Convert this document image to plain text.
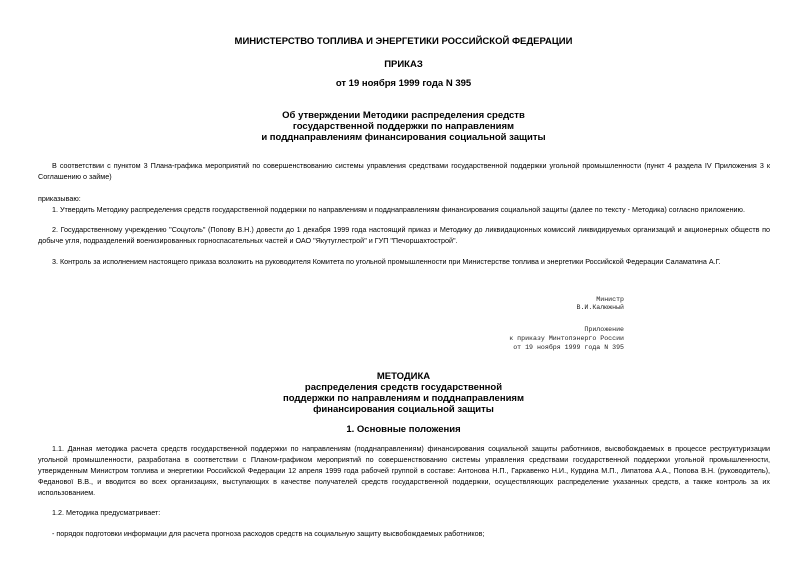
МИНИСТЕРСТВО ТОПЛИВА И ЭНЕРГЕТИКИ РОССИЙСКОЙ ФЕДЕРАЦИИ
ПРИКАЗ
от 19 ноября 1999 года N 395
Об утверждении Методики распределения средств
государственной поддержки по направлениям
и подднаправлениям финансирования социальной защиты
В соответствии с пунктом 3 Плана-графика мероприятий по совершенствованию системы управления средствами государственной поддержки угольной промышленности (пункт 4 раздела IV Приложения 3 к
Соглашению о займе)
приказываю:
1. Утвердить Методику распределения средств государственной поддержки по направлениям и подднаправлениям финансирования социальной защиты (далее по тексту - Методика) согласно приложению.
2. Государственному учреждению "Соцуголь" (Попову В.Н.) довести до 1 декабря 1999 года настоящий приказ и Методику до ликвидационных комиссий ликвидируемых организаций и акционерных обществ по
добыче угля, подразделений военизированных горноспасательных частей и ОАО "Якутуглестрой" и ГУП "Печоршахтострой".
3. Контроль за исполнением настоящего приказа возложить на руководителя Комитета по угольной промышленности при Министерстве топлива и энергетики Российской Федерации Саламатина А.Г.
Министр
В.И.Калюжный
Приложение
к приказу Минтопэнерго России
от 19 ноября 1999 года N 395
МЕТОДИКА
распределения средств государственной
поддержки по направлениям и подднаправлениям
финансирования социальной защиты
1. Основные положения
1.1. Данная методика расчета средств государственной поддержки по направлениям (подднаправлениям) финансирования социальной защиты работников, высвобождаемых в процессе реструктуризации
угольной промышленности, разработана в соответствии с Планом-графиком мероприятий по совершенствованию системы управления средствами государственной поддержки угольной промышленности,
утвержденным Министром топлива и энергетики Российской Федерации 12 апреля 1999 года рабочей группой в составе: Антонова Н.П., Гаркавенко Н.И., Курдина М.П., Липатова А.А., Попова В.Н. (руководитель),
Феданової В.В., и вводится во всех организациях, выступающих в качестве получателей средств государственной поддержки, осуществляющих распределение указанных средств, а также контроль за их
использованием.
1.2. Методика предусматривает:
- порядок подготовки информации для расчета прогноза расходов средств на социальную защиту высвобождаемых работников;
